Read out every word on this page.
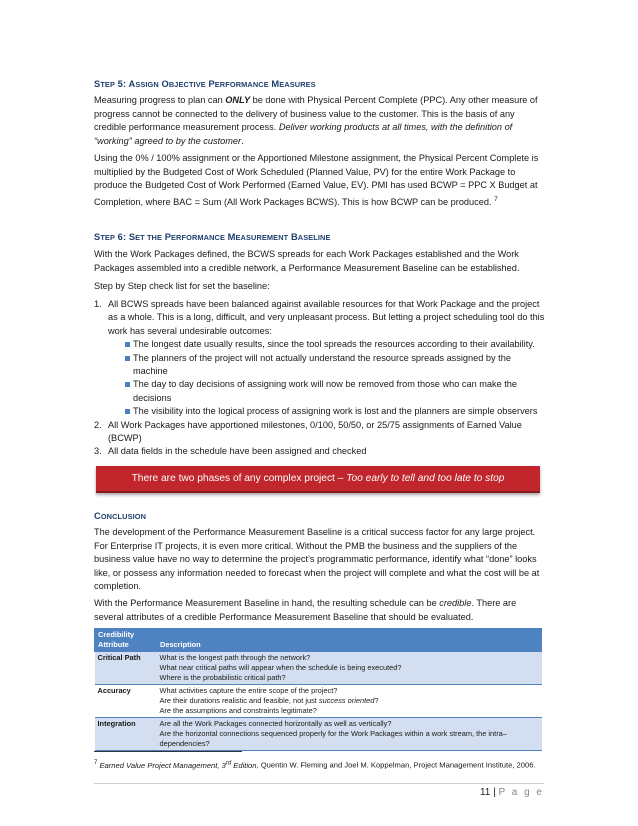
STEP 5: ASSIGN OBJECTIVE PERFORMANCE MEASURES
Measuring progress to plan can ONLY be done with Physical Percent Complete (PPC). Any other measure of progress cannot be connected to the delivery of business value to the customer. This is the basis of any credible performance measurement process. Deliver working products at all times, with the definition of “working” agreed to by the customer.
Using the 0% / 100% assignment or the Apportioned Milestone assignment, the Physical Percent Complete is multiplied by the Budgeted Cost of Work Scheduled (Planned Value, PV) for the entire Work Package to produce the Budgeted Cost of Work Performed (Earned Value, EV). PMI has used BCWP = PPC X Budget at Completion, where BAC = Sum (All Work Packages BCWS). This is how BCWP can be produced. $^7$
STEP 6: SET THE PERFORMANCE MEASUREMENT BASELINE
With the Work Packages defined, the BCWS spreads for each Work Packages established and the Work Packages assembled into a credible network, a Performance Measurement Baseline can be established.
Step by Step check list for set the baseline:
1. All BCWS spreads have been balanced against available resources for that Work Package and the project as a whole. This is a long, difficult, and very unpleasant process. But letting a project scheduling tool do this work has several undesirable outcomes:
The longest date usually results, since the tool spreads the resources according to their availability.
The planners of the project will not actually understand the resource spreads assigned by the machine
The day to day decisions of assigning work will now be removed from those who can make the decisions
The visibility into the logical process of assigning work is lost and the planners are simple observers
2. All Work Packages have apportioned milestones, 0/100, 50/50, or 25/75 assignments of Earned Value (BCWP)
3. All data fields in the schedule have been assigned and checked
There are two phases of any complex project – Too early to tell and too late to stop
CONCLUSION
The development of the Performance Measurement Baseline is a critical success factor for any large project. For Enterprise IT projects, it is even more critical. Without the PMB the business and the suppliers of the business value have no way to determine the project’s programmatic performance, identify what “done” looks like, or possess any information needed to forecast when the project will complete and what the cost will be at completion.
With the Performance Measurement Baseline in hand, the resulting schedule can be credible. There are several attributes of a credible Performance Measurement Baseline that should be evaluated.
Credibility
Attribute	Description
Critical Path	What is the longest path through the network?
What near critical paths will appear when the schedule is being executed?
Where is the probabilistic critical path?

Accuracy	What activities capture the entire scope of the project?
Are their durations realistic and feasible, not just success oriented?
Are the assumptions and constraints legitimate?

Integration	Are all the Work Packages connected horizontally as well as vertically?
Are the horizontal connections sequenced properly for the Work Packages within a work stream, the intra– dependencies?
$^7$ Earned Value Project Management, 3rd Edition, Quentin W. Fleming and Joel M. Koppelman, Project Management Institute, 2006.
11 | P a g e
